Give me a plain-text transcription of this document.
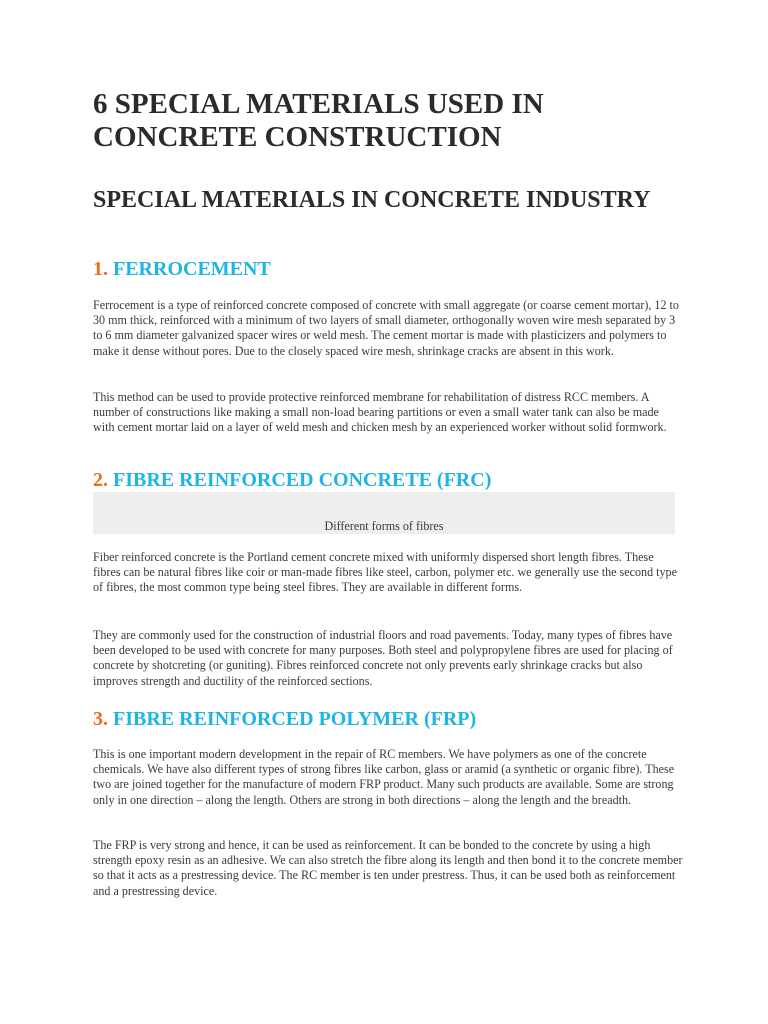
6 SPECIAL MATERIALS USED IN CONCRETE CONSTRUCTION
SPECIAL MATERIALS IN CONCRETE INDUSTRY
1. FERROCEMENT

Ferrocement is a type of reinforced concrete composed of concrete with small aggregate (or coarse cement mortar), 12 to 30 mm thick, reinforced with a minimum of two layers of small diameter, orthogonally woven wire mesh separated by 3 to 6 mm diameter galvanized spacer wires or weld mesh. The cement mortar is made with plasticizers and polymers to make it dense without pores. Due to the closely spaced wire mesh, shrinkage cracks are absent in this work.

This method can be used to provide protective reinforced membrane for rehabilitation of distress RCC members. A number of constructions like making a small non-load bearing partitions or even a small water tank can also be made with cement mortar laid on a layer of weld mesh and chicken mesh by an experienced worker without solid formwork.

2. FIBRE REINFORCED CONCRETE (FRC)
Different forms of fibres

Fiber reinforced concrete is the Portland cement concrete mixed with uniformly dispersed short length fibres. These fibres can be natural fibres like coir or man-made fibres like steel, carbon, polymer etc. we generally use the second type of fibres, the most common type being steel fibres. They are available in different forms.

They are commonly used for the construction of industrial floors and road pavements. Today, many types of fibres have been developed to be used with concrete for many purposes. Both steel and polypropylene fibres are used for placing of concrete by shotcreting (or guniting). Fibres reinforced concrete not only prevents early shrinkage cracks but also improves strength and ductility of the reinforced sections.

3. FIBRE REINFORCED POLYMER (FRP)

This is one important modern development in the repair of RC members. We have polymers as one of the concrete chemicals. We have also different types of strong fibres like carbon, glass or aramid (a synthetic or organic fibre). These two are joined together for the manufacture of modern FRP product. Many such products are available. Some are strong only in one direction – along the length. Others are strong in both directions – along the length and the breadth.

The FRP is very strong and hence, it can be used as reinforcement. It can be bonded to the concrete by using a high strength epoxy resin as an adhesive. We can also stretch the fibre along its length and then bond it to the concrete member so that it acts as a prestressing device. The RC member is ten under prestress. Thus, it can be used both as reinforcement and a prestressing device.
